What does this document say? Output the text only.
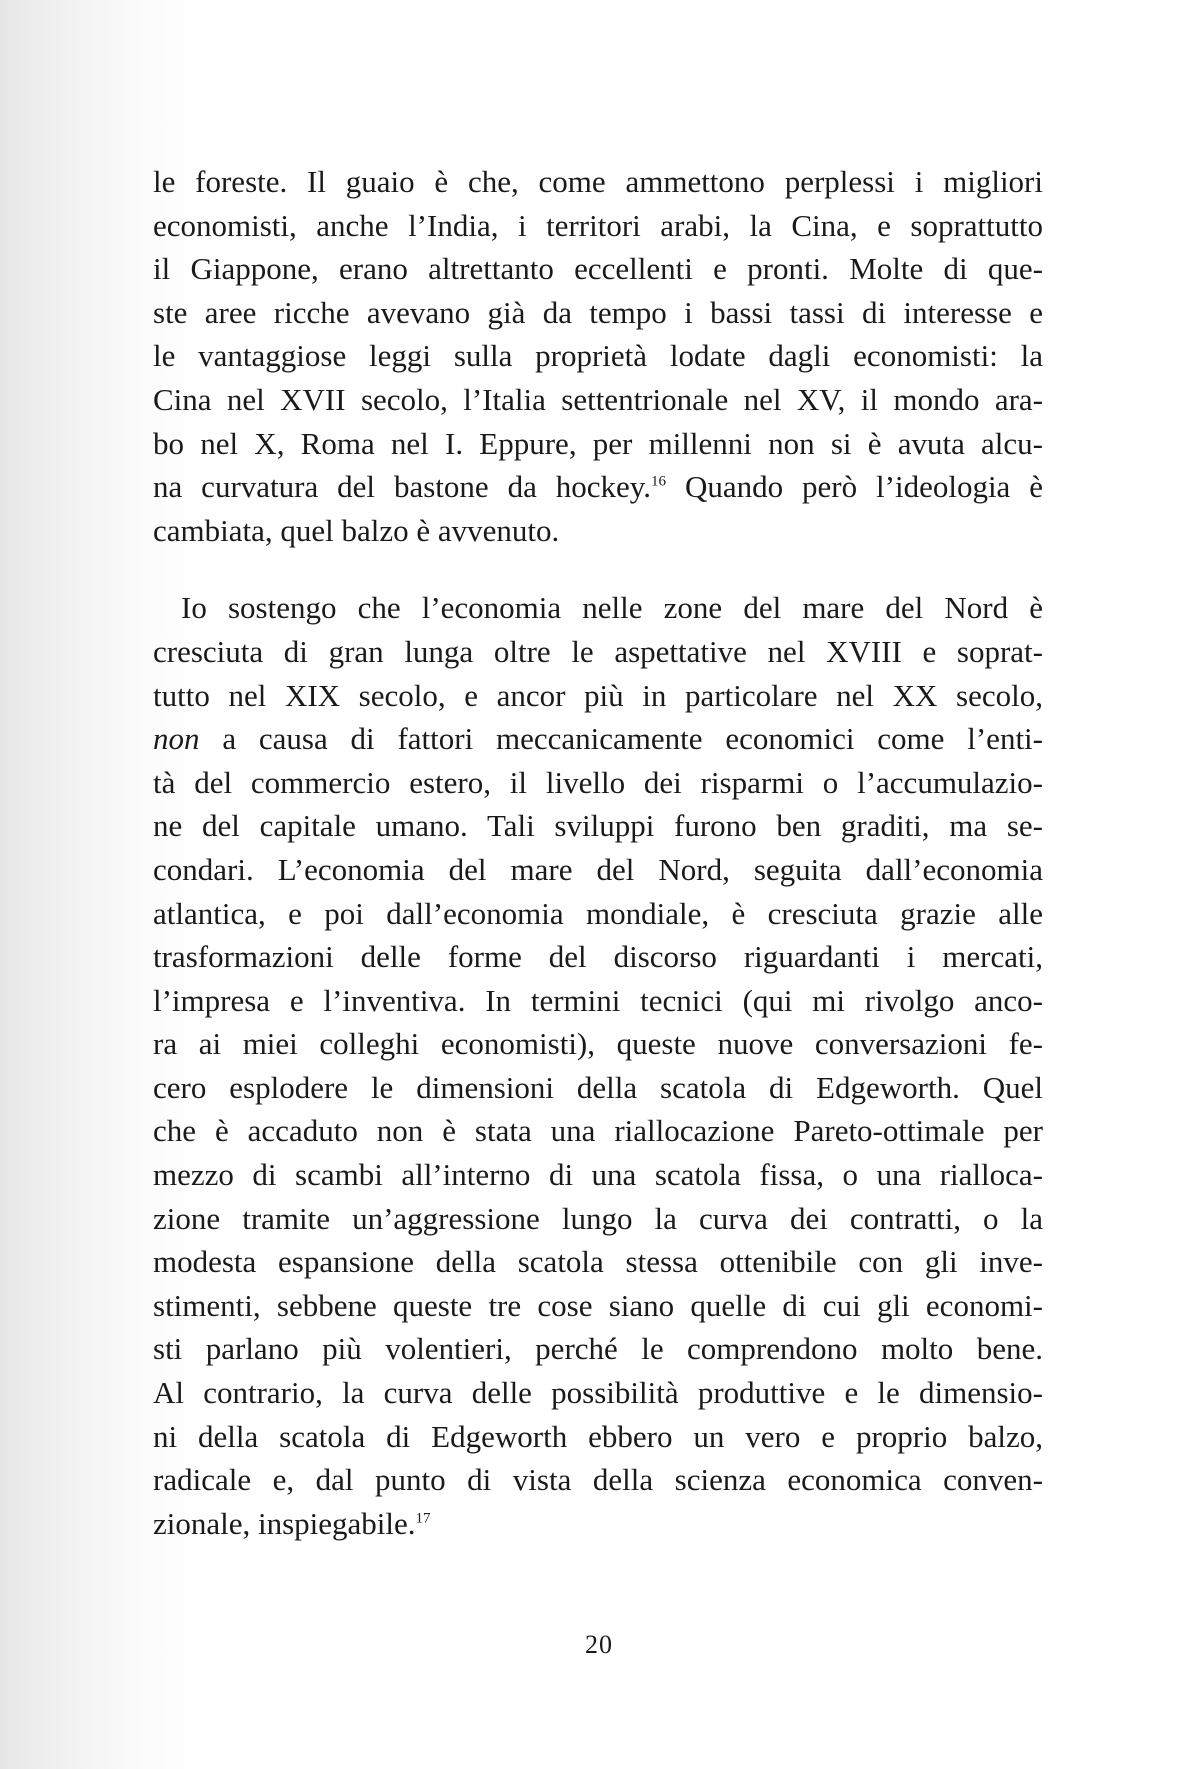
le foreste. Il guaio è che, come ammettono perplessi i migliori
economisti, anche l’India, i territori arabi, la Cina, e soprattutto
il Giappone, erano altrettanto eccellenti e pronti. Molte di que-
ste aree ricche avevano già da tempo i bassi tassi di interesse e
le vantaggiose leggi sulla proprietà lodate dagli economisti: la
Cina nel XVII secolo, l’Italia settentrionale nel XV, il mondo ara-
bo nel X, Roma nel I. Eppure, per millenni non si è avuta alcu-
na curvatura del bastone da hockey.$^{16}$ Quando però l’ideologia è
cambiata, quel balzo è avvenuto.
Io sostengo che l’economia nelle zone del mare del Nord è
cresciuta di gran lunga oltre le aspettative nel XVIII e soprat-
tutto nel XIX secolo, e ancor più in particolare nel XX secolo,
non a causa di fattori meccanicamente economici come l’enti-
tà del commercio estero, il livello dei risparmi o l’accumulazio-
ne del capitale umano. Tali sviluppi furono ben graditi, ma se-
condari. L’economia del mare del Nord, seguita dall’economia
atlantica, e poi dall’economia mondiale, è cresciuta grazie alle
trasformazioni delle forme del discorso riguardanti i mercati,
l’impresa e l’inventiva. In termini tecnici (qui mi rivolgo anco-
ra ai miei colleghi economisti), queste nuove conversazioni fe-
cero esplodere le dimensioni della scatola di Edgeworth. Quel
che è accaduto non è stata una riallocazione Pareto-ottimale per
mezzo di scambi all’interno di una scatola fissa, o una riallоca-
zione tramite un’aggressione lungo la curva dei contratti, o la
modesta espansione della scatola stessa ottenibile con gli inve-
stimenti, sebbene queste tre cose siano quelle di cui gli economi-
sti parlano più volentieri, perché le comprendono molto bene.
Al contrario, la curva delle possibilità produttive e le dimensio-
ni della scatola di Edgeworth ebbero un vero e proprio balzo,
radicale e, dal punto di vista della scienza economica conven-
zionale, inspiegabile.$^{17}$
20
